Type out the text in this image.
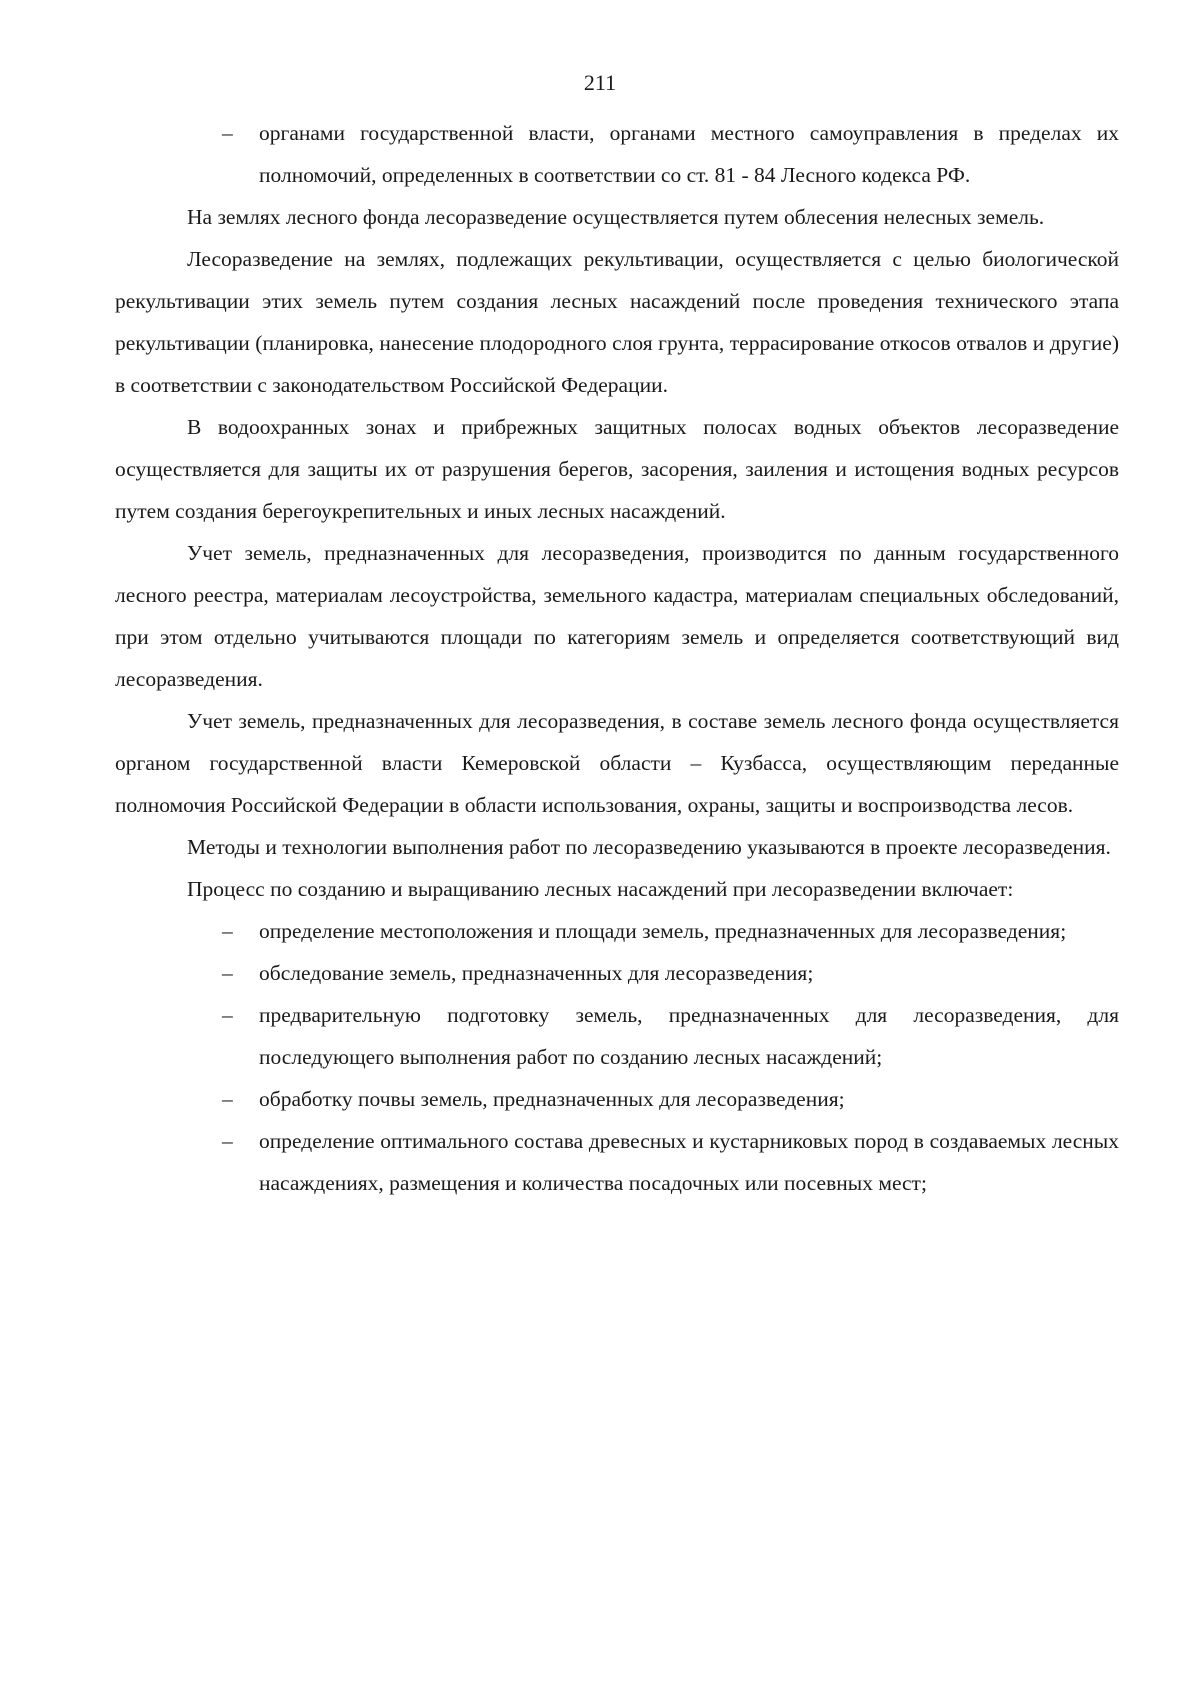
211
– органами государственной власти, органами местного самоуправления в пределах их полномочий, определенных в соответствии со ст. 81 - 84 Лесного кодекса РФ.

На землях лесного фонда лесоразведение осуществляется путем облесения нелесных земель.

Лесоразведение на землях, подлежащих рекультивации, осуществляется с целью биологической рекультивации этих земель путем создания лесных насаждений после проведения технического этапа рекультивации (планировка, нанесение плодородного слоя грунта, террасирование откосов отвалов и другие) в соответствии с законодательством Российской Федерации.

В водоохранных зонах и прибрежных защитных полосах водных объектов лесоразведение осуществляется для защиты их от разрушения берегов, засорения, заиления и истощения водных ресурсов путем создания берегоукрепительных и иных лесных насаждений.

Учет земель, предназначенных для лесоразведения, производится по данным государственного лесного реестра, материалам лесоустройства, земельного кадастра, материалам специальных обследований, при этом отдельно учитываются площади по категориям земель и определяется соответствующий вид лесоразведения.

Учет земель, предназначенных для лесоразведения, в составе земель лесного фонда осуществляется органом государственной власти Кемеровской области – Кузбасса, осуществляющим переданные полномочия Российской Федерации в области использования, охраны, защиты и воспроизводства лесов.

Методы и технологии выполнения работ по лесоразведению указываются в проекте лесоразведения.

Процесс по созданию и выращиванию лесных насаждений при лесоразведении включает:

– определение местоположения и площади земель, предназначенных для лесоразведения;
– обследование земель, предназначенных для лесоразведения;
– предварительную подготовку земель, предназначенных для лесоразведения, для последующего выполнения работ по созданию лесных насаждений;
– обработку почвы земель, предназначенных для лесоразведения;
– определение оптимального состава древесных и кустарниковых пород в создаваемых лесных насаждениях, размещения и количества посадочных или посевных мест;
